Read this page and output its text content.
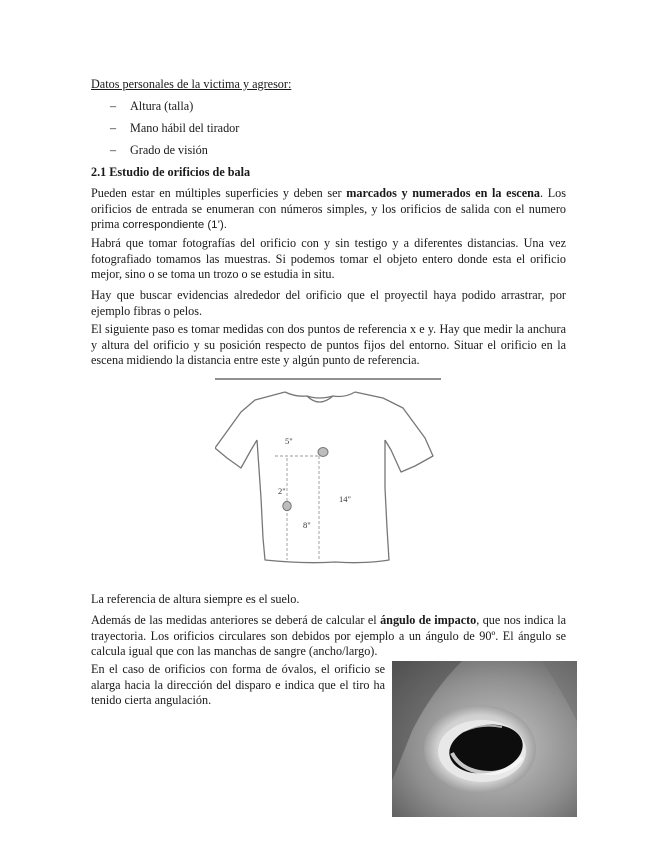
Datos personales de la victima y agresor:
– Altura (talla)
– Mano hábil del tirador
– Grado de visión
2.1 Estudio de orificios de bala
Pueden estar en múltiples superficies y deben ser marcados y numerados en la escena. Los orificios de entrada se enumeran con números simples, y los orificios de salida con el numero prima correspondiente (1’).
Habrá que tomar fotografías del orificio con y sin testigo y a diferentes distancias. Una vez fotografiado tomamos las muestras. Si podemos tomar el objeto entero donde esta el orificio mejor, sino o se toma un trozo o se estudia in situ.
Hay que buscar evidencias alrededor del orificio que el proyectil haya podido arrastrar, por ejemplo fibras o pelos.
El siguiente paso es tomar medidas con dos puntos de referencia x e y. Hay que medir la anchura y altura del orificio y su posición respecto de puntos fijos del entorno. Situar el orificio en la escena midiendo la distancia entre este y algún punto de referencia.
5"
2"
14"
8"
La referencia de altura siempre es el suelo.
Además de las medidas anteriores se deberá de calcular el ángulo de impacto, que nos indica la trayectoria. Los orificios circulares son debidos por ejemplo a un ángulo de 90º. El ángulo se calcula igual que con las manchas de sangre (ancho/largo).
En el caso de orificios con forma de óvalos, el orificio se alarga hacia la dirección del disparo e indica que el tiro ha tenido cierta angulación.
